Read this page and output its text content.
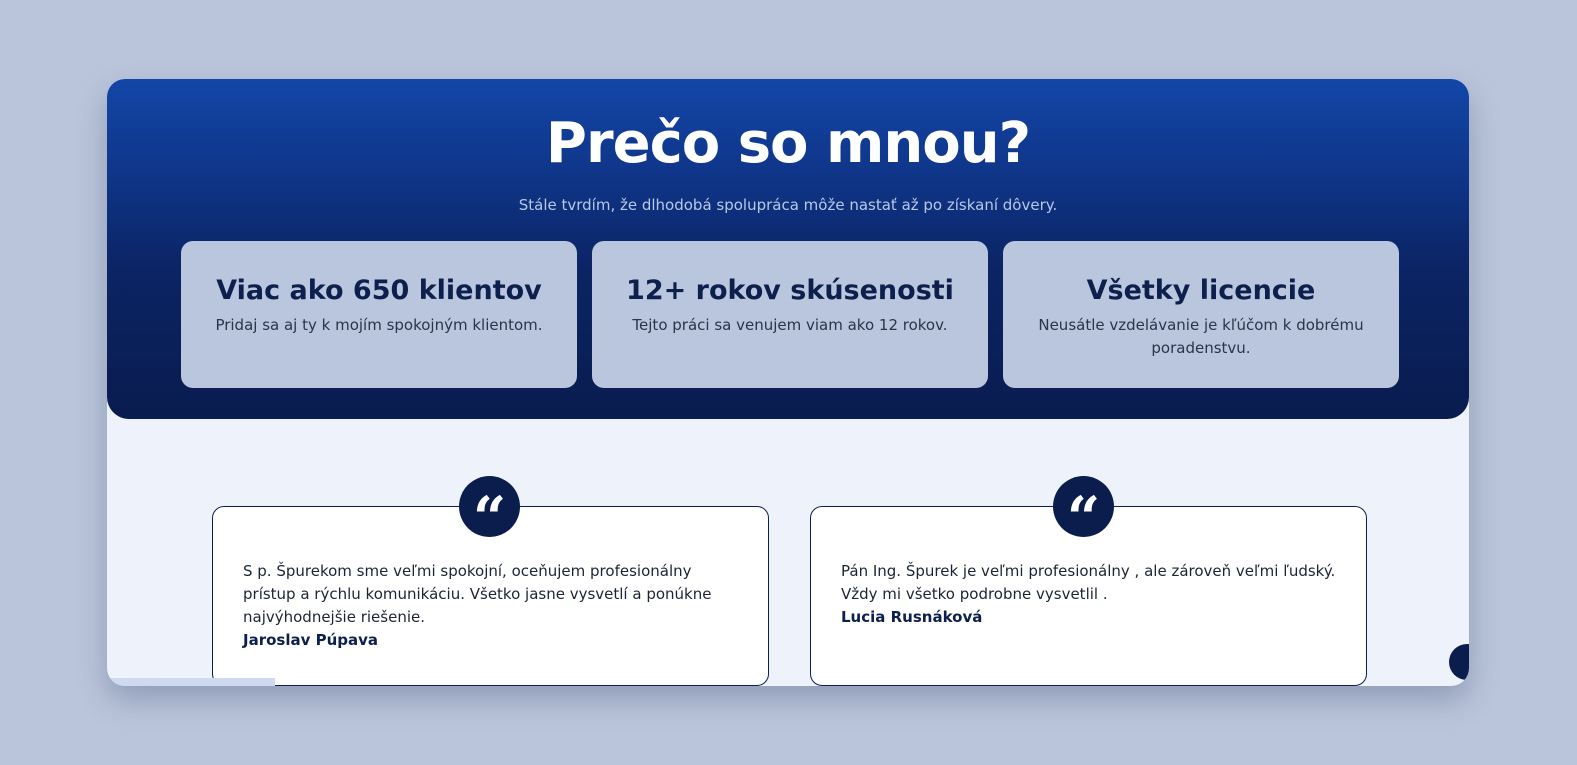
Prečo so mnou?

Stále tvrdím, že dlhodobá spolupráca môže nastať až po získaní dôvery.

Viac ako 650 klientov
Pridaj sa aj ty k mojím spokojným klientom.
12+ rokov skúsenosti
Tejto práci sa venujem viam ako 12 rokov.
Všetky licencie
Neusátle vzdelávanie je kľúčom k dobrému poradenstvu.
S p. Špurekom sme veľmi spokojní, oceňujem profesionálny prístup a rýchlu komunikáciu. Všetko jasne vysvetlí a ponúkne najvýhodnejšie riešenie.
Jaroslav Púpava
“
Pán Ing. Špurek je veľmi profesionálny , ale zároveň veľmi ľudský. Vždy mi všetko podrobne vysvetlil .
Lucia Rusnáková
“
